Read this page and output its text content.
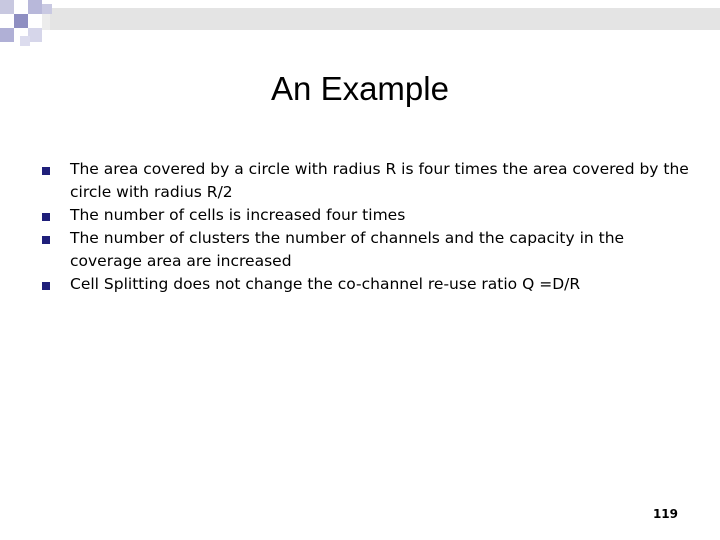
An Example
The area covered by a circle with radius R is four times the area covered by the circle with radius R/2
The number of cells is increased four times
The number of clusters the number of channels and the capacity in the coverage area are increased
Cell Splitting does not change the co-channel re-use ratio Q =D/R
119
